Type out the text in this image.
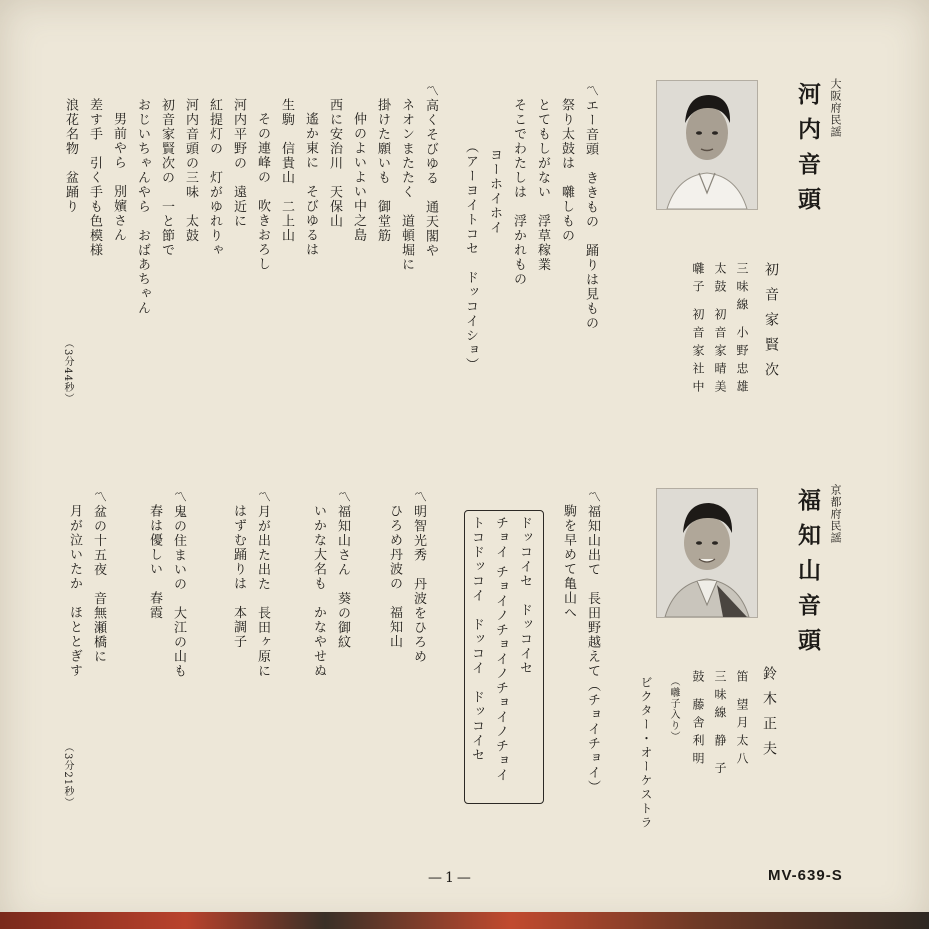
大阪府民謡
河内音頭
初音家賢次
三味線 小野忠雄
太鼓 初音家晴美
囃子 初音家社中
〽エー音頭　ききもの　踊りは見もの
祭り太鼓は　囃しもの
とてもしがない　浮草稼業
そこでわたしは　浮かれもの
ヨーホイホイ
（アーヨイトコセ　ドッコイショ）
〽高くそびゆる　通天閣や
ネオンまたたく　道頓堀に
掛けた願いも　御堂筋
仲のよいよい中之島
西に安治川　天保山
遙か東に　そびゆるは
生駒　信貴山　二上山
その連峰の　吹きおろし
河内平野の　遠近に
紅提灯の　灯がゆれりゃ
河内音頭の三味　太鼓
初音家賢次の　一と節で
おじいちゃんやら　おばあちゃん
男前やら　別嬪さん
差す手　引く手も色模様
浪花名物　盆踊り
（3分44秒）
京都府民謡
福知山音頭
鈴木正夫
笛 望月太八
三味線 静 子
鼓 藤舎利明
（囃子入り）
ビクター・オーケストラ
〽福知山出て　長田野越えて（チョイチョイ）
駒を早めて亀山へ
ドッコイセ　ドッコイセ
チョイ チョイノチョイノチョイノチョイ
トコドッコイ　ドッコイ　ドッコイセ
〽明智光秀　丹波をひろめ
ひろめ丹波の　福知山
〽福知山さん　葵の御紋
いかな大名も　かなやせぬ
〽月が出た出た　長田ヶ原に
はずむ踊りは　本調子
〽鬼の住まいの　大江の山も
春は優しい　春霞
〽盆の十五夜　音無瀬橋に
月が泣いたか　ほととぎす
（3分21秒）
—1—	MV-639-S
